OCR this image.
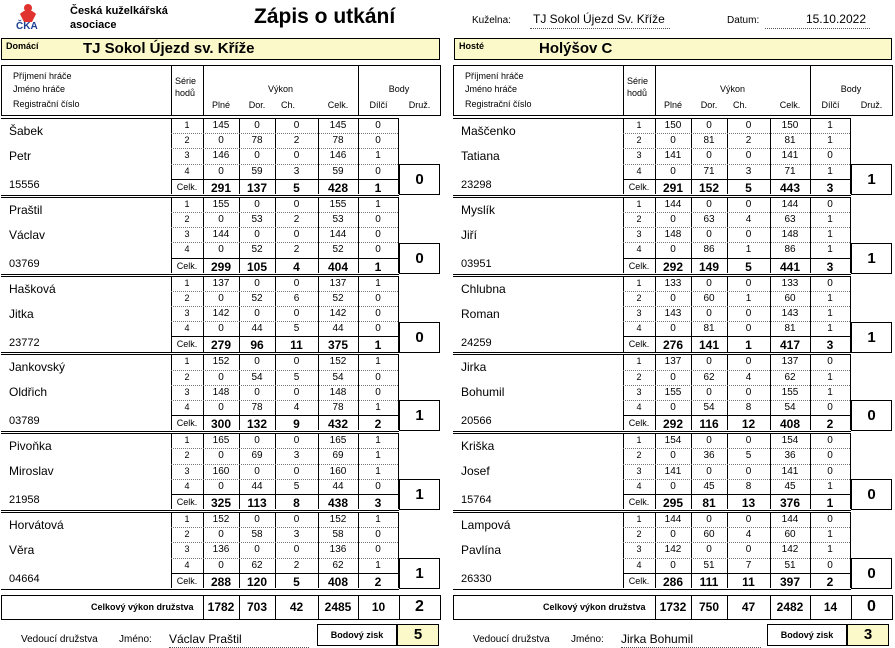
ČKA
Česká kuželkářská
asociace	Zápis o utkání	Kuželna: TJ Sokol Újezd Sv. Kříže	Datum:	15.10.2022
Domácí	TJ Sokol Újezd sv. Kříže	Hosté	Holýšov C
Příjmení hráče
Jméno hráče
Registrační číslo
Série
hodů	Výkon
Plné	Dor.	Ch.	Celk.
Body
Dílčí	Druž.
Šabek
Petr
15556
1	145	0	0	145	0
2	0	78	2	78	0
3	146	0	0	146	1
4	0	59	3	59	0
Celk.	291	137	5	428	1	0
Praštil
Václav
03769
1	155	0	0	155	1
2	0	53	2	53	0
3	144	0	0	144	0
4	0	52	2	52	0
Celk.	299	105	4	404	1	0
Hašková
Jitka
23772
1	137	0	0	137	1
2	0	52	6	52	0
3	142	0	0	142	0
4	0	44	5	44	0
Celk.	279	96	11	375	1	0
Jankovský
Oldřich
03789
1	152	0	0	152	1
2	0	54	5	54	0
3	148	0	0	148	0
4	0	78	4	78	1
Celk.	300	132	9	432	2	1
Pivoňka
Miroslav
21958
1	165	0	0	165	1
2	0	69	3	69	1
3	160	0	0	160	1
4	0	44	5	44	0
Celk.	325	113	8	438	3	1
Horvátová
Věra
04664
1	152	0	0	152	1
2	0	58	3	58	0
3	136	0	0	136	0
4	0	62	2	62	1
Celk.	288	120	5	408	2	1
Celkový výkon družstva	1782	703	42	2485	10	2
Vedoucí družstva Jméno: Václav Praštil	Bodový zisk	5
Příjmení hráče
Jméno hráče
Registrační číslo
Série
hodů	Výkon
Plné	Dor.	Ch.	Celk.
Body
Dílčí	Druž.
Maščenko
Tatiana
23298
1	150	0	0	150	1
2	0	81	2	81	1
3	141	0	0	141	0
4	0	71	3	71	1
Celk.	291	152	5	443	3	1
Myslík
Jiří
03951
1	144	0	0	144	0
2	0	63	4	63	1
3	148	0	0	148	1
4	0	86	1	86	1
Celk.	292	149	5	441	3	1
Chlubna
Roman
24259
1	133	0	0	133	0
2	0	60	1	60	1
3	143	0	0	143	1
4	0	81	0	81	1
Celk.	276	141	1	417	3	1
Jirka
Bohumil
20566
1	137	0	0	137	0
2	0	62	4	62	1
3	155	0	0	155	1
4	0	54	8	54	0
Celk.	292	116	12	408	2	0
Kriška
Josef
15764
1	154	0	0	154	0
2	0	36	5	36	0
3	141	0	0	141	0
4	0	45	8	45	1
Celk.	295	81	13	376	1	0
Lampová
Pavlína
26330
1	144	0	0	144	0
2	0	60	4	60	1
3	142	0	0	142	1
4	0	51	7	51	0
Celk.	286	111	11	397	2	0
Celkový výkon družstva	1732	750	47	2482	14	0
Vedoucí družstva Jméno: Jirka Bohumil	Bodový zisk	3
